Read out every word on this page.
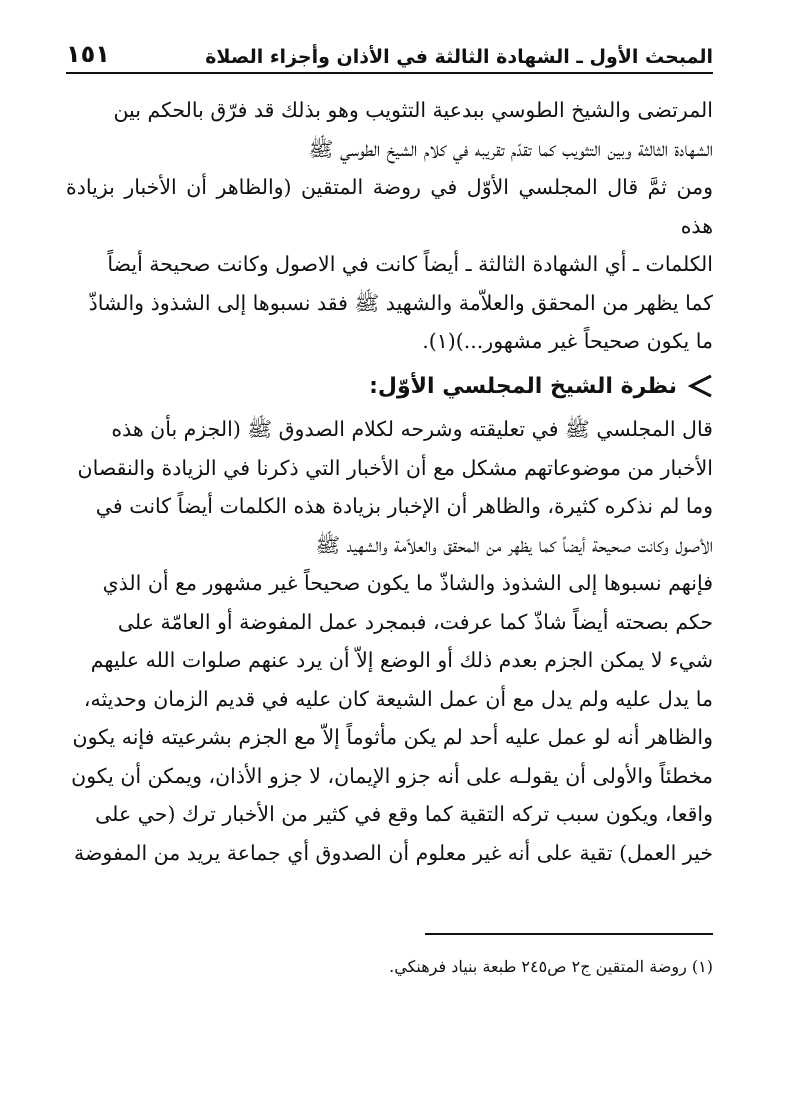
المبحث الأول ـ الشهادة الثالثة في الأذان وأجزاء الصلاة
١٥١

المرتضى والشيخ الطوسي ببدعية التثويب وهو بذلك قد فرّق بالحكم بين

الشهادة الثالثة وبين التثويب كما تقدّم تقريبه في كلام الشيخ الطوسي ﷺ

ومن ثمَّ قال المجلسي الأوّل في روضة المتقين (والظاهر أن الأخبار بزيادة هذه

الكلمات ـ أي الشهادة الثالثة ـ أيضاً كانت في الاصول وكانت صحيحة أيضاً

كما يظهر من المحقق والعلاّمة والشهيد ﷺ فقد نسبوها إلى الشذوذ والشاذّ

ما يكون صحيحاً غير مشهور...)(١).

نظرة الشيخ المجلسي الأوّل:

قال المجلسي ﷺ في تعليقته وشرحه لكلام الصدوق ﷺ (الجزم بأن هذه

الأخبار من موضوعاتهم مشكل مع أن الأخبار التي ذكرنا في الزيادة والنقصان

وما لم نذكره كثيرة، والظاهر أن الإخبار بزيادة هذه الكلمات أيضاً كانت في

الأصول وكانت صحيحة أيضاً كما يظهر من المحقق والعلاّمة والشهيد ﷺ

فإنهم نسبوها إلى الشذوذ والشاذّ ما يكون صحيحاً غير مشهور مع أن الذي

حكم بصحته أيضاً شاذّ كما عرفت، فبمجرد عمل المفوضة أو العامّة على

شيء لا يمكن الجزم بعدم ذلك أو الوضع إلاّ أن يرد عنهم صلوات الله عليهم

ما يدل عليه ولم يدل مع أن عمل الشيعة كان عليه في قديم الزمان وحديثه،

والظاهر أنه لو عمل عليه أحد لم يكن مأثوماً إلاّ مع الجزم بشرعيته فإنه يكون

مخطئاً والأولى أن يقولـه على أنه جزو الإيمان، لا جزو الأذان، ويمكن أن يكون

واقعا، ويكون سبب تركه التقية كما وقع في كثير من الأخبار ترك (حي على

خير العمل) تقية على أنه غير معلوم أن الصدوق أي جماعة يريد من المفوضة

(١) روضة المتقين ج٢ ص٢٤٥ طبعة بنياد فرهنكي.
